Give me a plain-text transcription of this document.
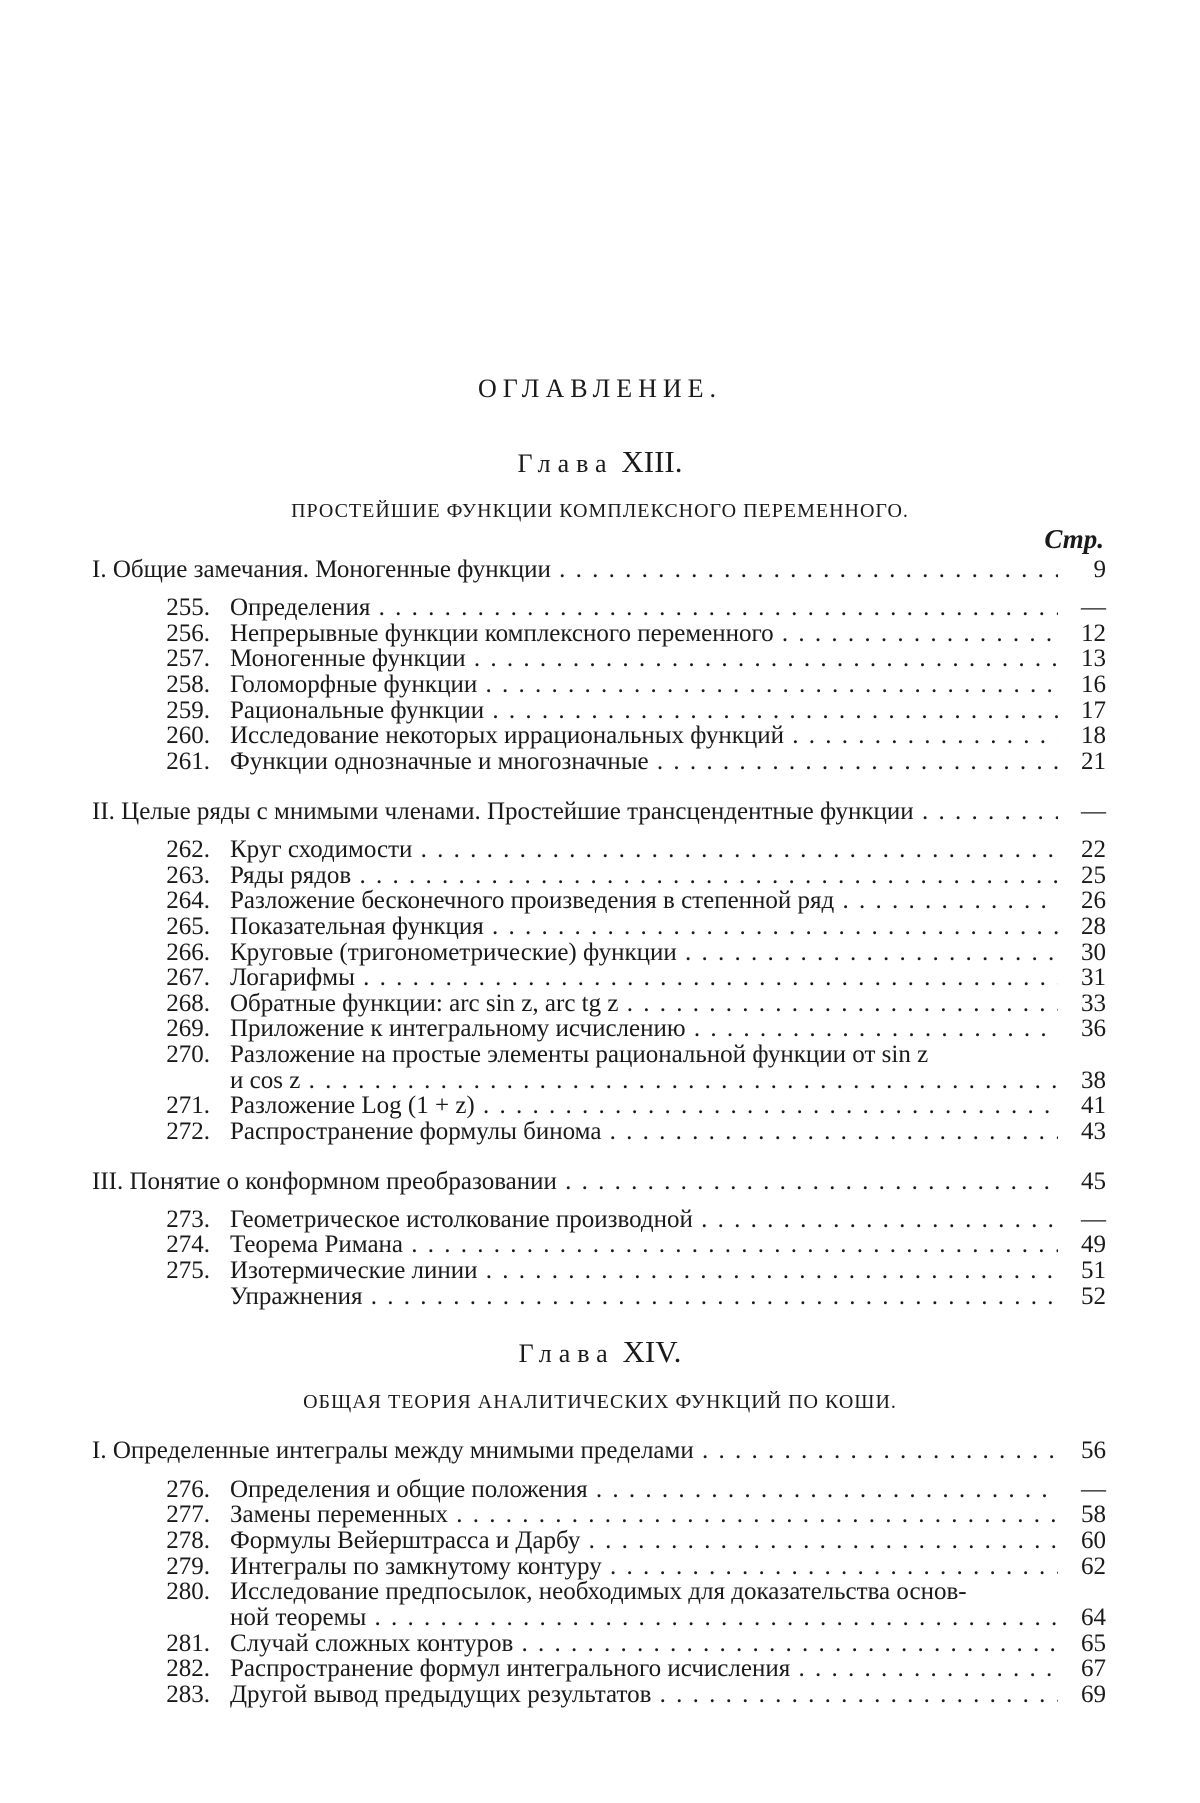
ОГЛАВЛЕНИЕ.
Глава XIII.
ПРОСТЕЙШИЕ ФУНКЦИИ КОМПЛЕКСНОГО ПЕРЕМЕННОГО.
Стр.
Глава XIV.
ОБЩАЯ ТЕОРИЯ АНАЛИТИЧЕСКИХ ФУНКЦИЙ ПО КОШИ.
I. Общие замечания. Моногенные функции . . .	9
255. Определения . . .	—
256. Непрерывные функции комплексного переменного . . .	12
257. Моногенные функции . . .	13
258. Голоморфные функции . . .	16
259. Рациональные функции . . .	17
260. Исследование некоторых иррациональных функций . . .	18
261. Функции однозначные и многозначные . . .	21
II. Целые ряды с мнимыми членами. Простейшие трансцендентные функции . . .	—
262. Круг сходимости . . .	22
263. Ряды рядов . . .	25
264. Разложение бесконечного произведения в степенной ряд . . .	26
265. Показательная функция . . .	28
266. Круговые (тригонометрические) функции . . .	30
267. Логарифмы . . .	31
268. Обратные функции: arc sin z, arc tg z . . .	33
269. Приложение к интегральному исчислению . . .	36
270. Разложение на простые элементы рациональной функции от sin z
и cos z . . .	38
271. Разложение Log (1 + z) . . .	41
272. Распространение формулы бинома . . .	43
III. Понятие о конформном преобразовании . . .	45
273. Геометрическое истолкование производной . . .	—
274. Теорема Римана . . .	49
275. Изотермические линии . . .	51
Упражнения . . .	52
I. Определенные интегралы между мнимыми пределами . . .	56
276. Определения и общие положения . . .	—
277. Замены переменных . . .	58
278. Формулы Вейерштрасса и Дарбу . . .	60
279. Интегралы по замкнутому контуру . . .	62
280. Исследование предпосылок, необходимых для доказательства основ-
ной теоремы . . .	64
281. Случай сложных контуров . . .	65
282. Распространение формул интегрального исчисления . . .	67
283. Другой вывод предыдущих результатов . . .	69
